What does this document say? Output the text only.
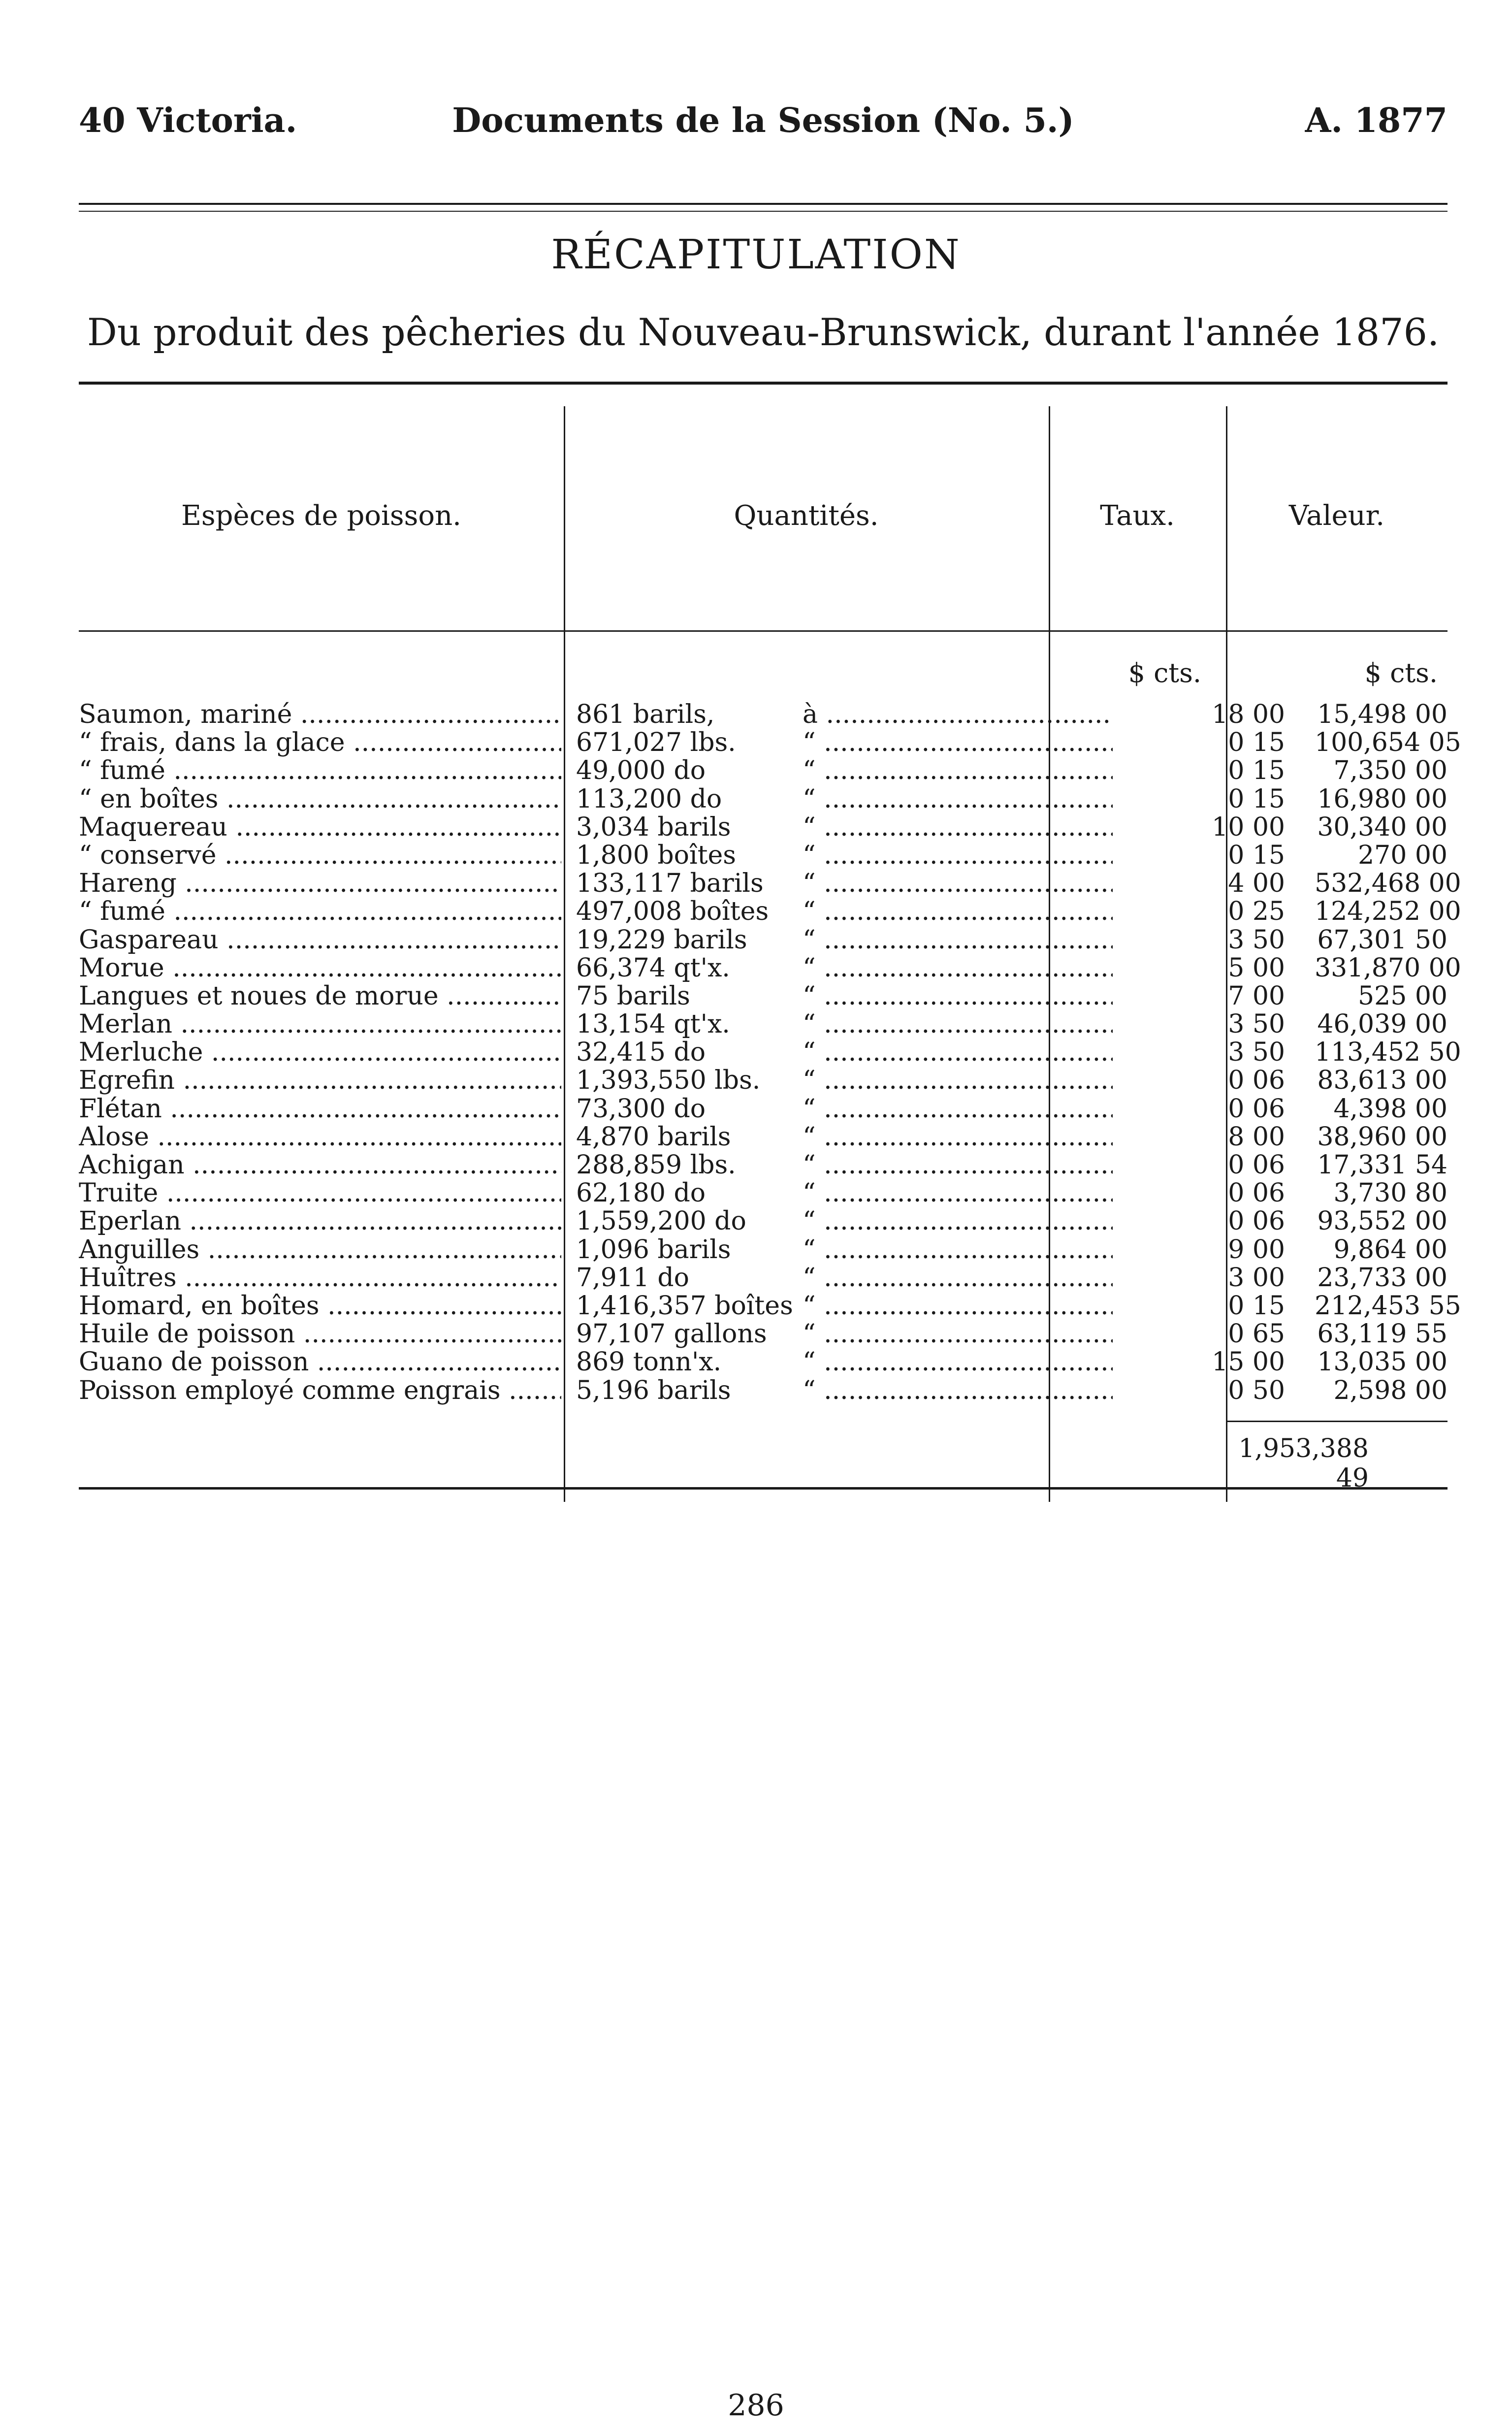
40 Victoria.	Documents de la Session (No. 5.)	A. 1877
RÉCAPITULATION
Du produit des pêcheries du Nouveau-Brunswick, durant l'année 1876.
Espèces de poisson.	Quantités.	Taux.	Valeur.
$ cts.	$ cts.
Saumon, mariné .....	861 barils,	à .....	18 00 15,498 00
“ frais, dans la glace .....	671,027 lbs.	“ .....	0 15 100,654 05
“ fumé .....	49,000 do	“ .....	0 15	7,350 00
“ en boîtes .....	113,200 do	“ .....	0 15 16,980 00
Maquereau .....	3,034 barils	“ .....	10 00 30,340 00
“ conservé .....	1,800 boîtes	“ .....	0 15	270 00
Hareng .....	133,117 barils	“ .....	4 00 532,468 00
“ fumé .....	497,008 boîtes	“ .....	0 25 124,252 00
Gaspareau .....	19,229 barils	“ .....	3 50 67,301 50
Morue .....	66,374 qt'x.	“ .....	5 00 331,870 00
Langues et noues de morue .....	75 barils	“ .....	7 00	525 00
Merlan .....	13,154 qt'x.	“ .....	3 50 46,039 00
Merluche .....	32,415 do	“ .....	3 50 113,452 50
Egrefin .....	1,393,550 lbs.	“ .....	0 06 83,613 00
Flétan .....	73,300 do	“ .....	0 06	4,398 00
Alose .....	4,870 barils	“ .....	8 00 38,960 00
Achigan .....	288,859 lbs.	“ .....	0 06 17,331 54
Truite .....	62,180 do	“ .....	0 06	3,730 80
Eperlan .....	1,559,200 do	“ .....	0 06 93,552 00
Anguilles .....	1,096 barils	“ .....	9 00	9,864 00
Huîtres .....	7,911 do	“ .....	3 00 23,733 00
Homard, en boîtes .....	1,416,357 boîtes “ .....	0 15 212,453 55
Huile de poisson .....	97,107 gallons	“ .....	0 65 63,119 55
Guano de poisson .....	869 tonn'x.	“ .....	15 00 13,035 00
Poisson employé comme engrais .....	5,196 barils	“ .....	0 50	2,598 00
1,953,388 49
286
